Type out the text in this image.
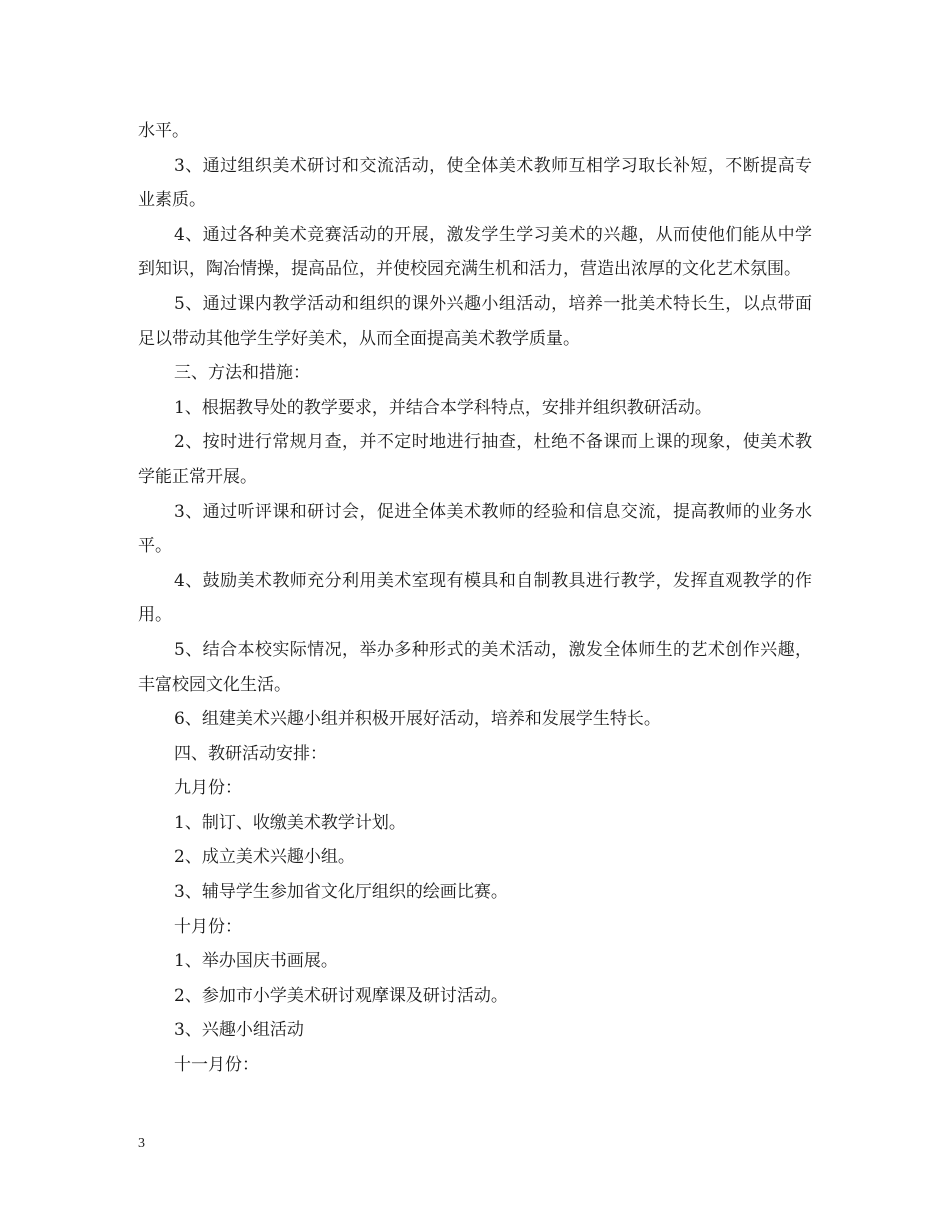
水平。

3、通过组织美术研讨和交流活动，使全体美术教师互相学习取长补短，不断提高专业素质。

4、通过各种美术竞赛活动的开展，激发学生学习美术的兴趣，从而使他们能从中学到知识，陶冶情操，提高品位，并使校园充满生机和活力，营造出浓厚的文化艺术氛围。

5、通过课内教学活动和组织的课外兴趣小组活动，培养一批美术特长生，以点带面足以带动其他学生学好美术，从而全面提高美术教学质量。

三、方法和措施：

1、根据教导处的教学要求，并结合本学科特点，安排并组织教研活动。

2、按时进行常规月查，并不定时地进行抽查，杜绝不备课而上课的现象，使美术教学能正常开展。

3、通过听评课和研讨会，促进全体美术教师的经验和信息交流，提高教师的业务水平。

4、鼓励美术教师充分利用美术室现有模具和自制教具进行教学，发挥直观教学的作用。

5、结合本校实际情况，举办多种形式的美术活动，激发全体师生的艺术创作兴趣，丰富校园文化生活。

6、组建美术兴趣小组并积极开展好活动，培养和发展学生特长。

四、教研活动安排：

九月份：

1、制订、收缴美术教学计划。

2、成立美术兴趣小组。

3、辅导学生参加省文化厅组织的绘画比赛。

十月份：

1、举办国庆书画展。

2、参加市小学美术研讨观摩课及研讨活动。

3、兴趣小组活动

十一月份：

3
